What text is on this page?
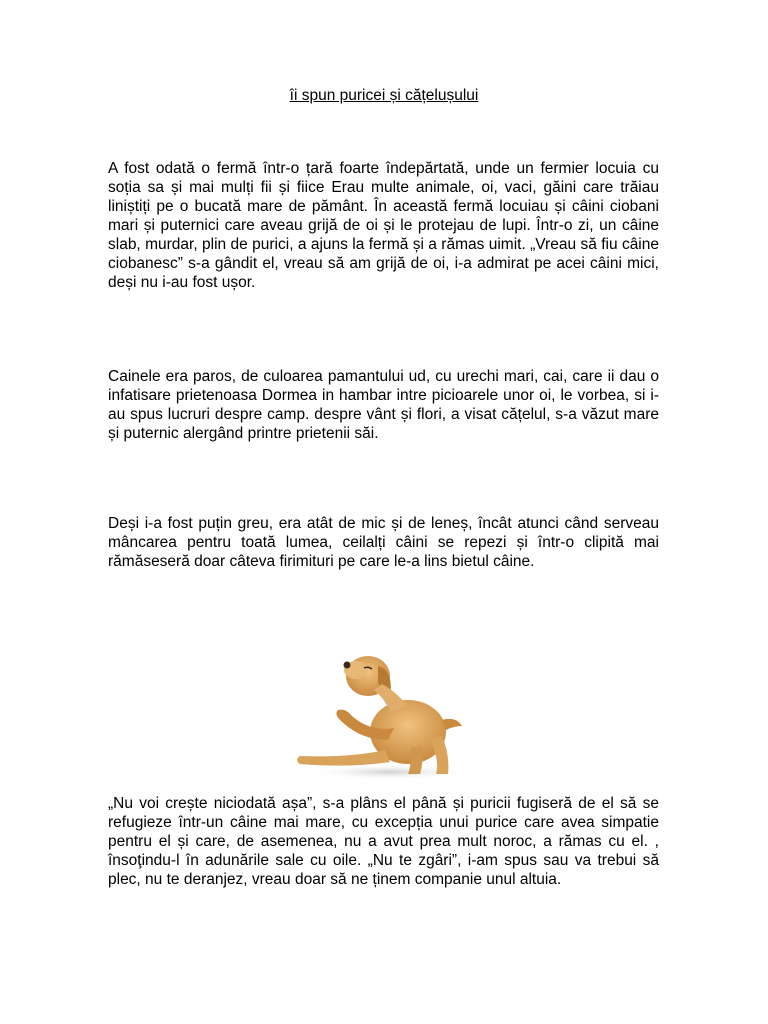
îi spun puricei și cățelușului

A fost odată o fermă într-o țară foarte îndepărtată, unde un fermier locuia cu soția sa și mai mulți fii și fiice Erau multe animale, oi, vaci, găini care trăiau liniștiți pe o bucată mare de pământ. În această fermă locuiau și câini ciobani mari și puternici care aveau grijă de oi și le protejau de lupi. Într-o zi, un câine slab, murdar, plin de purici, a ajuns la fermă și a rămas uimit. „Vreau să fiu câine ciobanesc” s-a gândit el, vreau să am grijă de oi, i-a admirat pe acei câini mici, deși nu i-au fost ușor.

Cainele era paros, de culoarea pamantului ud, cu urechi mari, cai, care ii dau o infatisare prietenoasa Dormea in hambar intre picioarele unor oi, le vorbea, si i-au spus lucruri despre camp. despre vânt și flori, a visat cățelul, s-a văzut mare și puternic alergând printre prietenii săi.

Deși i-a fost puțin greu, era atât de mic și de leneș, încât atunci când serveau mâncarea pentru toată lumea, ceilalți câini se repezi și într-o clipită mai rămăseseră doar câteva firimituri pe care le-a lins bietul câine.

„Nu voi crește niciodată așa”, s-a plâns el până și puricii fugiseră de el să se refugieze într-un câine mai mare, cu excepția unui purice care avea simpatie pentru el și care, de asemenea, nu a avut prea mult noroc, a rămas cu el. , însoţindu-l în adunările sale cu oile. „Nu te zgâri”, i-am spus sau va trebui să plec, nu te deranjez, vreau doar să ne ținem companie unul altuia.
